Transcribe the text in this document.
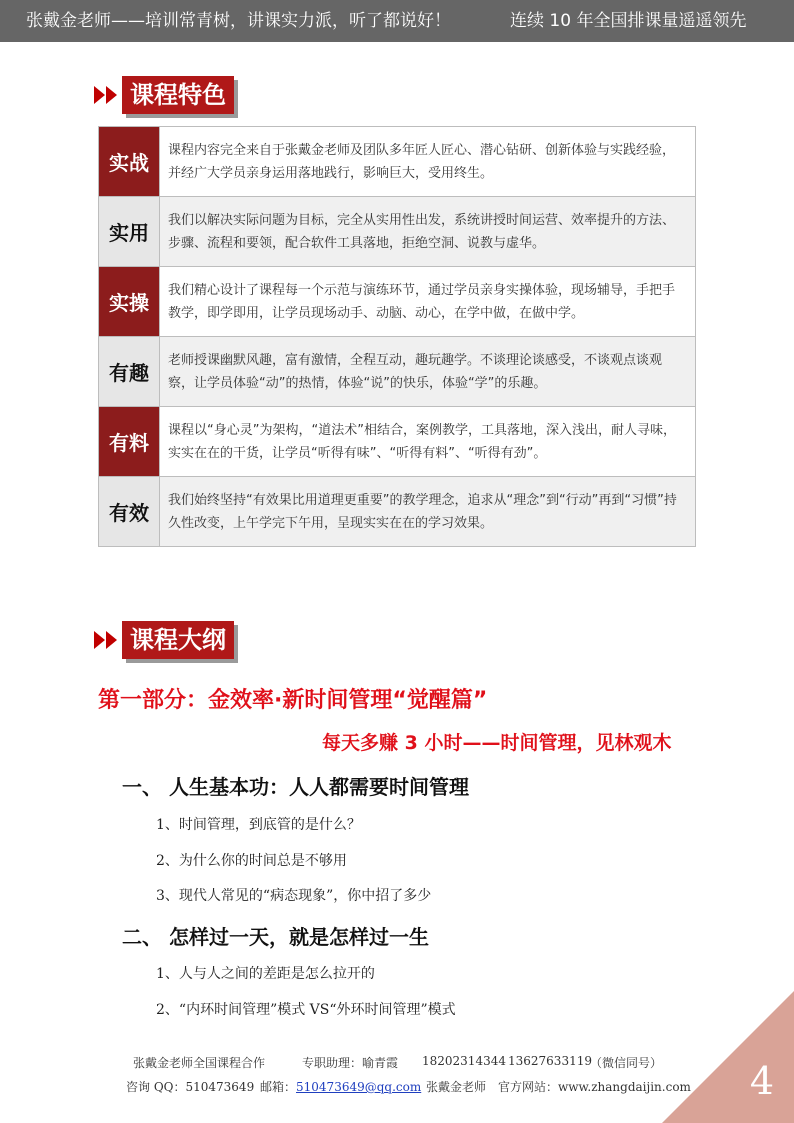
张戴金老师——培训常青树，讲课实力派，听了都说好！	连续 10 年全国排课量遥遥领先
课程特色
实战	课程内容完全来自于张戴金老师及团队多年匠人匠心、潜心钻研、创新体验与实践经验，并经广大学员亲身运用落地践行，影响巨大，受用终生。
实用	我们以解决实际问题为目标，完全从实用性出发，系统讲授时间运营、效率提升的方法、步骤、流程和要领，配合软件工具落地，拒绝空洞、说教与虚华。
实操	我们精心设计了课程每一个示范与演练环节，通过学员亲身实操体验，现场辅导，手把手教学，即学即用，让学员现场动手、动脑、动心，在学中做，在做中学。
有趣	老师授课幽默风趣，富有激情，全程互动，趣玩趣学。不谈理论谈感受，不谈观点谈观察，让学员体验“动”的热情，体验“说”的快乐，体验“学”的乐趣。
有料	课程以“身心灵”为架构，“道法术”相结合，案例教学，工具落地，深入浅出，耐人寻味，实实在在的干货，让学员“听得有味”、“听得有料”、“听得有劲”。
有效	我们始终坚持“有效果比用道理更重要”的教学理念，追求从“理念”到“行动”再到“习惯”持久性改变，上午学完下午用，呈现实实在在的学习效果。
课程大纲
第一部分：金效率·新时间管理“觉醒篇”
每天多赚 3 小时——时间管理，见林观木
一、 人生基本功：人人都需要时间管理
1、时间管理，到底管的是什么？
2、为什么你的时间总是不够用
3、现代人常见的“病态现象”，你中招了多少
二、 怎样过一天，就是怎样过一生
1、人与人之间的差距是怎么拉开的
2、“内环时间管理”模式 VS“外环时间管理”模式
张戴金老师全国课程合作	专职助理：喻青霞 18202314344 13627633119
（微信同号）
咨询 QQ：510473649 邮箱：510473649@qq.com 张戴金老师　官方网站：www.zhangdaijin.com 4
